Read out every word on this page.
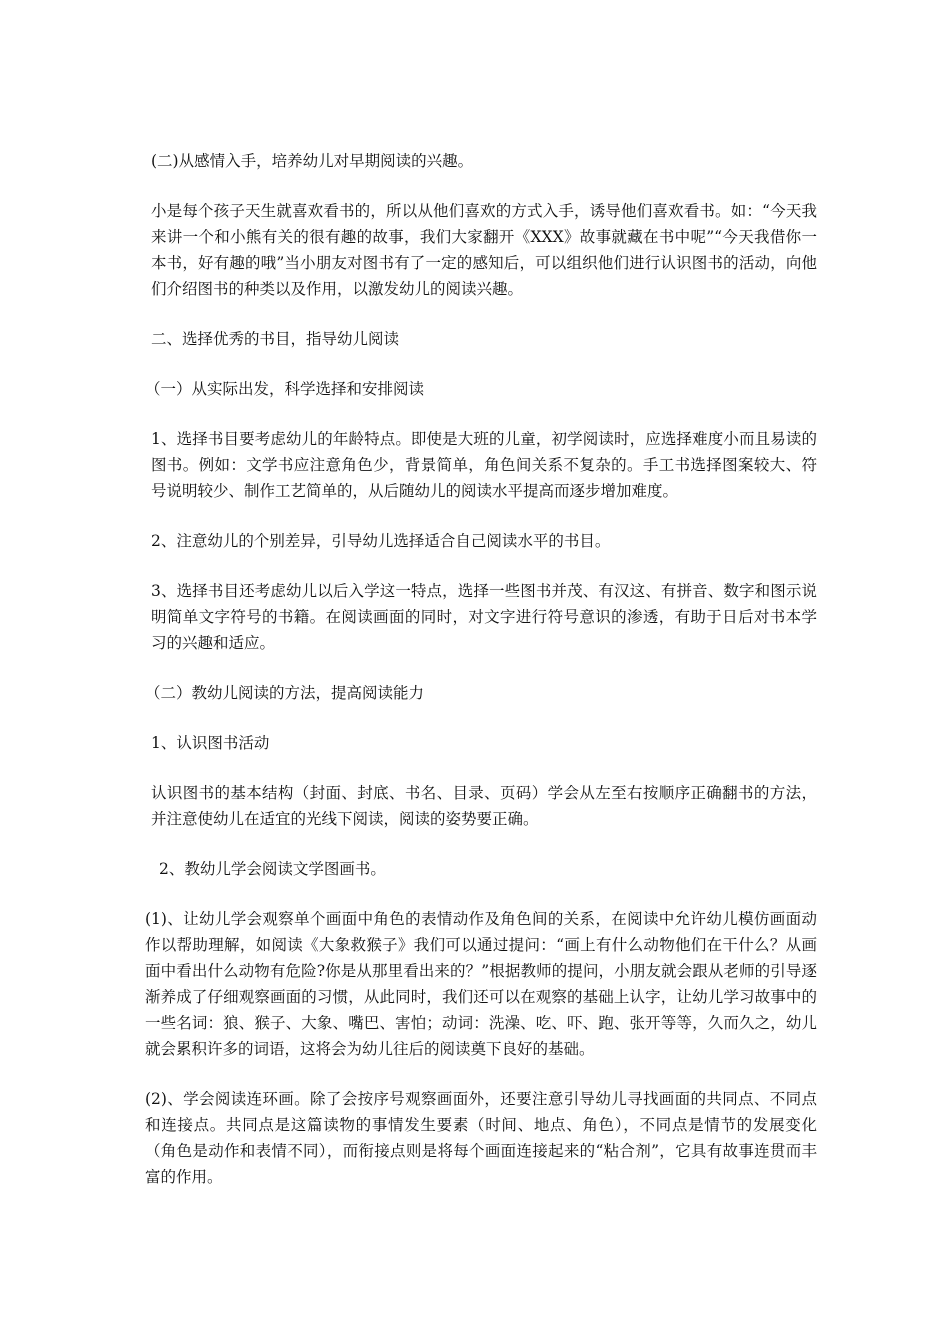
(二)从感情入手，培养幼儿对早期阅读的兴趣。

小是每个孩子天生就喜欢看书的，所以从他们喜欢的方式入手，诱导他们喜欢看书。如：“今天我来讲一个和小熊有关的很有趣的故事，我们大家翻开《XXX》故事就藏在书中呢”“今天我借你一本书，好有趣的哦”当小朋友对图书有了一定的感知后，可以组织他们进行认识图书的活动，向他们介绍图书的种类以及作用，以激发幼儿的阅读兴趣。

二、选择优秀的书目，指导幼儿阅读

（一）从实际出发，科学选择和安排阅读

1、选择书目要考虑幼儿的年龄特点。即使是大班的儿童，初学阅读时，应选择难度小而且易读的图书。例如：文学书应注意角色少，背景简单，角色间关系不复杂的。手工书选择图案较大、符号说明较少、制作工艺简单的，从后随幼儿的阅读水平提高而逐步增加难度。

2、注意幼儿的个别差异，引导幼儿选择适合自己阅读水平的书目。

3、选择书目还考虑幼儿以后入学这一特点，选择一些图书并茂、有汉这、有拼音、数字和图示说明简单文字符号的书籍。在阅读画面的同时，对文字进行符号意识的渗透，有助于日后对书本学习的兴趣和适应。

（二）教幼儿阅读的方法，提高阅读能力

1、认识图书活动

认识图书的基本结构（封面、封底、书名、目录、页码）学会从左至右按顺序正确翻书的方法，并注意使幼儿在适宜的光线下阅读，阅读的姿势要正确。

2、教幼儿学会阅读文学图画书。

(1)、让幼儿学会观察单个画面中角色的表情动作及角色间的关系，在阅读中允许幼儿模仿画面动作以帮助理解，如阅读《大象救猴子》我们可以通过提问：“画上有什么动物他们在干什么？从画面中看出什么动物有危险?你是从那里看出来的？”根据教师的提问，小朋友就会跟从老师的引导逐渐养成了仔细观察画面的习惯，从此同时，我们还可以在观察的基础上认字，让幼儿学习故事中的一些名词：狼、猴子、大象、嘴巴、害怕；动词：洗澡、吃、吓、跑、张开等等，久而久之，幼儿就会累积许多的词语，这将会为幼儿往后的阅读奠下良好的基础。

(2)、学会阅读连环画。除了会按序号观察画面外，还要注意引导幼儿寻找画面的共同点、不同点和连接点。共同点是这篇读物的事情发生要素（时间、地点、角色），不同点是情节的发展变化（角色是动作和表情不同），而衔接点则是将每个画面连接起来的“粘合剂”，它具有故事连贯而丰富的作用。
